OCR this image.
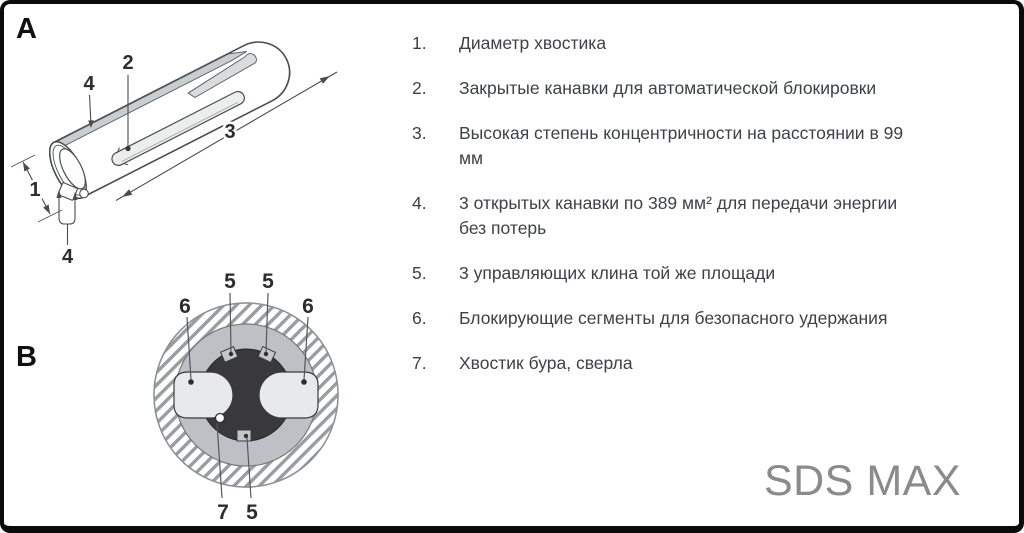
A
4
2
3
1
4
B
5 5
6	6
7 5
1.	Диаметр хвостика
2.	Закрытые канавки для автоматической блокировки
3.	Высокая степень концентричности на расстоянии в 99 мм
4.	3 открытых канавки по 389 мм² для передачи энергии без потерь
5.	3 управляющих клина той же площади
6.	Блокирующие сегменты для безопасного удержания
7.	Хвостик бура, сверла
SDS MAX
